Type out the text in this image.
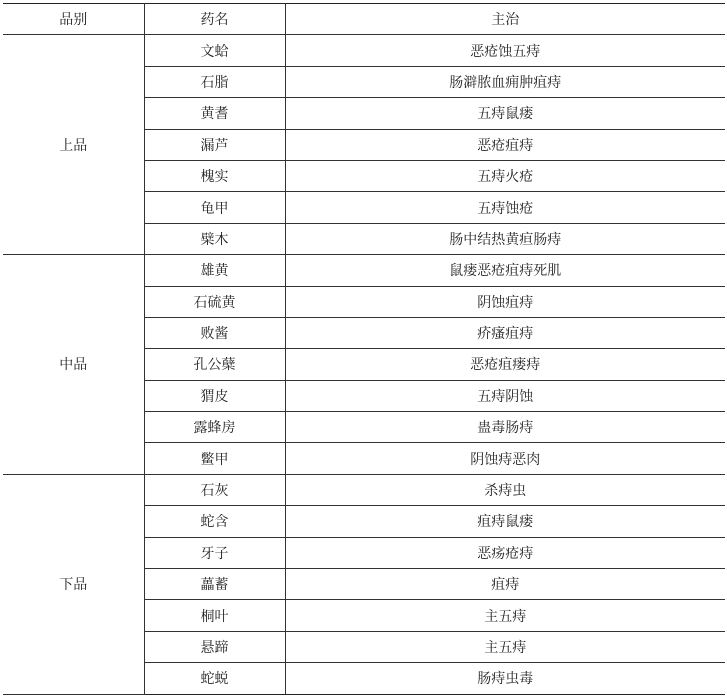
品别	药名	主治
上品	文蛤	恶疮蚀五痔
	石脂	肠澼脓血痈肿疽痔
	黄耆	五痔鼠瘘
	漏芦	恶疮疽痔
	槐实	五痔火疮
	龟甲	五痔蚀疮
	檗木	肠中结热黄疸肠痔
中品	雄黄	鼠瘘恶疮疽痔死肌
	石硫黄	阴蚀疽痔
	败酱	疥瘙疽痔
	孔公蘖	恶疮疽瘘痔
	猬皮	五痔阴蚀
	露蜂房	蛊毒肠痔
	鳖甲	阴蚀痔恶肉
下品	石灰	杀痔虫
	蛇含	疽痔鼠瘘
	牙子	恶疡疮痔
	藟蓄	疽痔
	桐叶	主五痔
	悬蹄	主五痔
	蛇蜕	肠痔虫毒
